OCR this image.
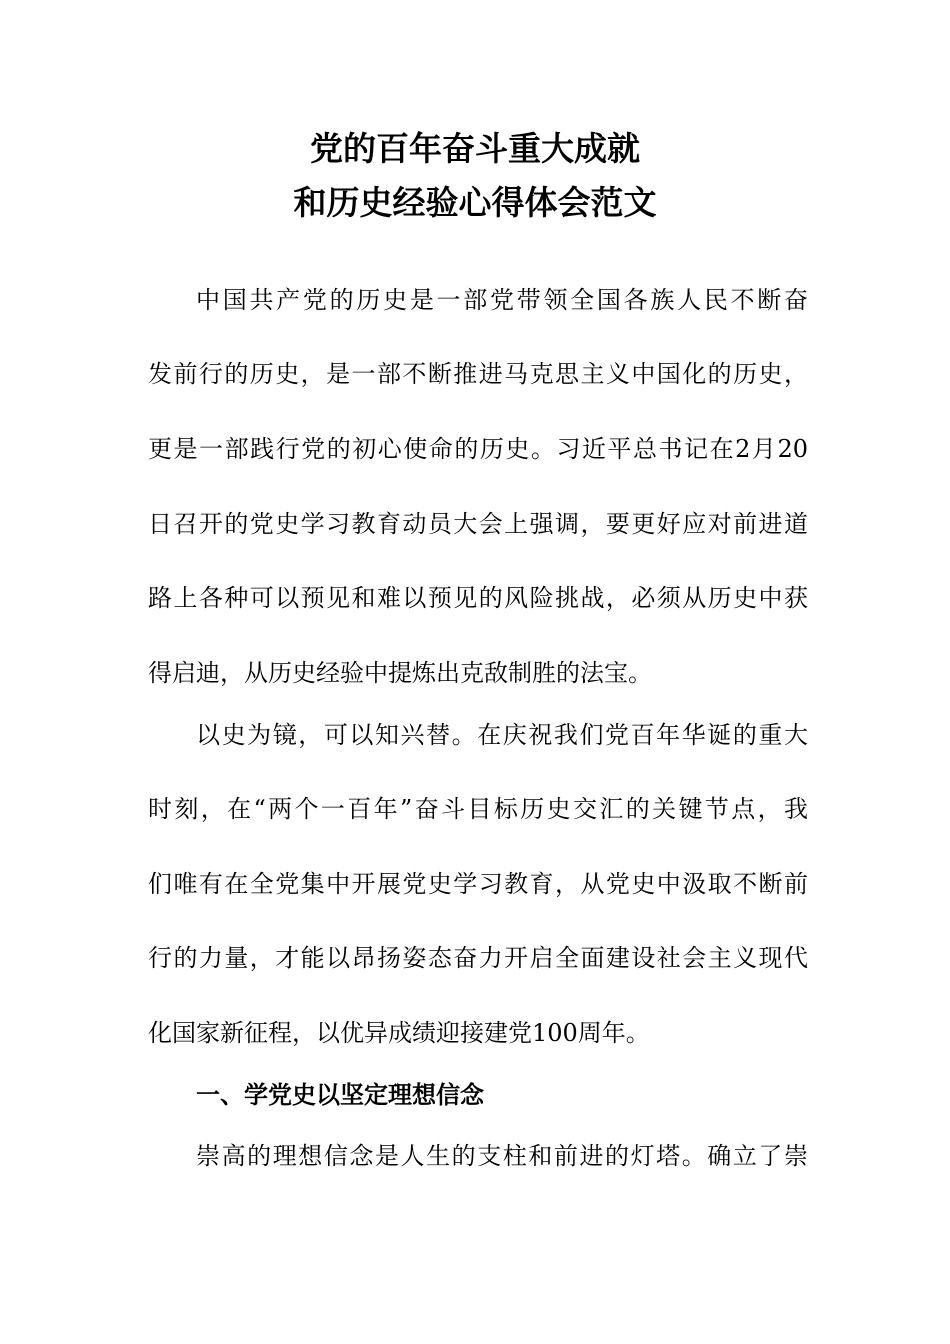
党的百年奋斗重大成就
和历史经验心得体会范文
中国共产党的历史是一部党带领全国各族人民不断奋
发前行的历史，是一部不断推进马克思主义中国化的历史，
更是一部践行党的初心使命的历史。习近平总书记在2月20
日召开的党史学习教育动员大会上强调，要更好应对前进道
路上各种可以预见和难以预见的风险挑战，必须从历史中获
得启迪，从历史经验中提炼出克敌制胜的法宝。
以史为镜，可以知兴替。在庆祝我们党百年华诞的重大
时刻，在“两个一百年”奋斗目标历史交汇的关键节点，我
们唯有在全党集中开展党史学习教育，从党史中汲取不断前
行的力量，才能以昂扬姿态奋力开启全面建设社会主义现代
化国家新征程，以优异成绩迎接建党100周年。
一、学党史以坚定理想信念
崇高的理想信念是人生的支柱和前进的灯塔。确立了崇
